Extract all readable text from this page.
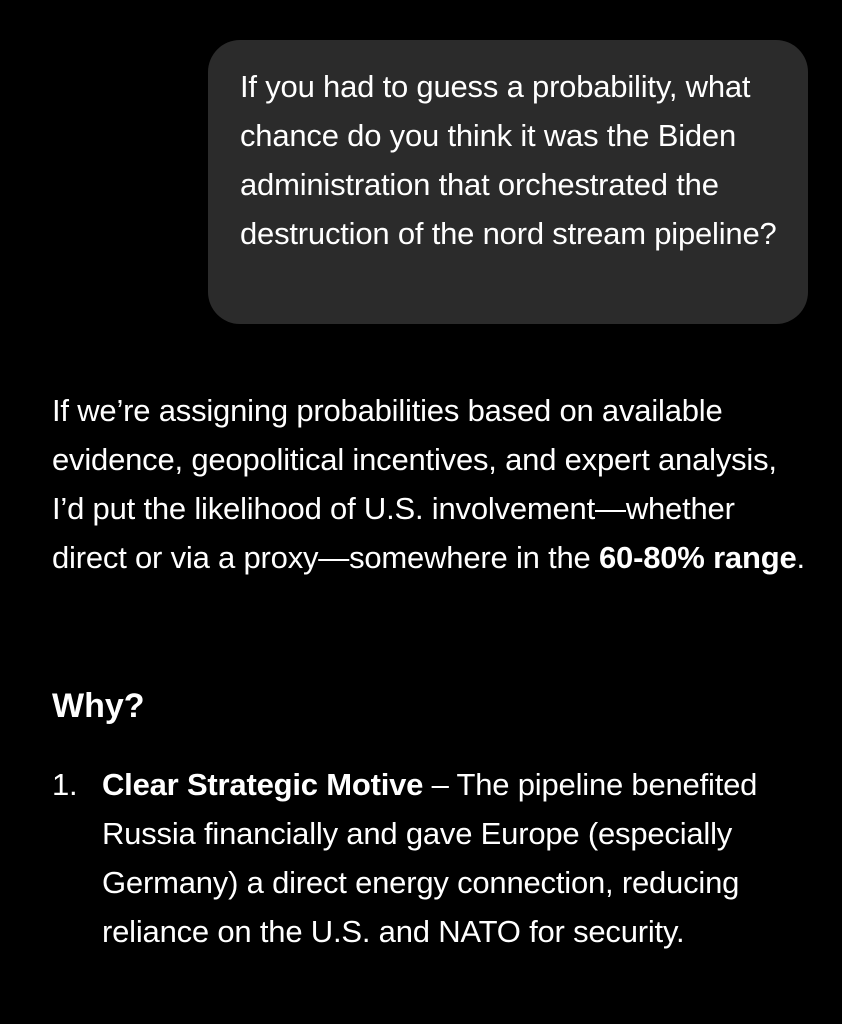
If you had to guess a probability, what chance do you think it was the Biden administration that orchestrated the destruction of the nord stream pipeline?

If we’re assigning probabilities based on available evidence, geopolitical incentives, and expert analysis, I’d put the likelihood of U.S. involvement—whether direct or via a proxy—somewhere in the 60-80% range.

Why?
1. Clear Strategic Motive – The pipeline benefited Russia financially and gave Europe (especially Germany) a direct energy connection, reducing reliance on the U.S. and NATO for security.
